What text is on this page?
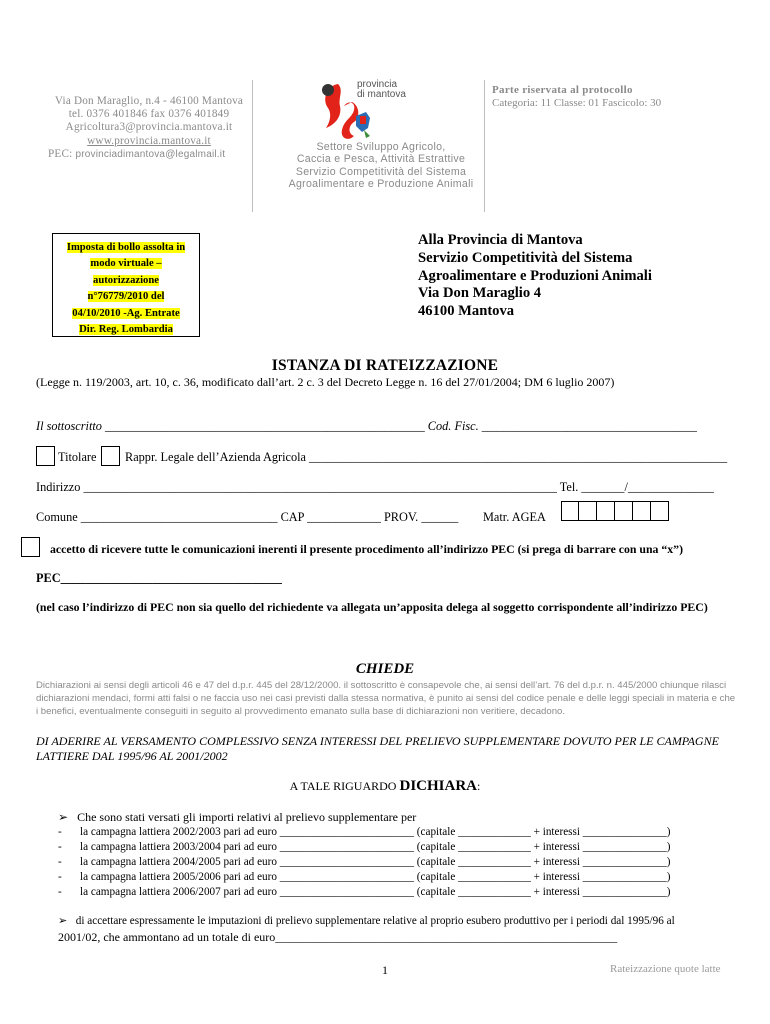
Via Don Maraglio, n.4 - 46100 Mantova
tel. 0376 401846 fax 0376 401849
Agricoltura3@provincia.mantova.it
www.provincia.mantova.it
PEC: provinciadimantova@legalmail.it
provincia
di mantova
Settore Sviluppo Agricolo,
Caccia e Pesca, Attività Estrattive
Servizio Competitività del Sistema
Agroalimentare e Produzione Animali
Parte riservata al protocollo
Categoria: 11 Classe: 01 Fascicolo: 30
Imposta di bollo assolta in
modo virtuale –
autorizzazione
n°76779/2010 del
04/10/2010 -Ag. Entrate
Dir. Reg. Lombardia
Alla Provincia di Mantova
Servizio Competitività del Sistema
Agroalimentare e Produzioni Animali
Via Don Maraglio 4
46100 Mantova
ISTANZA DI RATEIZZAZIONE
(Legge n. 119/2003, art. 10, c. 36, modificato dall’art. 2 c. 3 del Decreto Legge n. 16 del 27/01/2004; DM 6 luglio 2007)
Il sottoscritto ____________________________________________________ Cod. Fisc. ___________________________________
Titolare Rappr. Legale dell’Azienda Agricola ____________________________________________________________________
Indirizzo _____________________________________________________________________________ Tel. _______/______________
Comune ________________________________ CAP ____________ PROV. ______ Matr. AGEA
accetto di ricevere tutte le comunicazioni inerenti il presente procedimento all’indirizzo PEC (si prega di barrare con una “x”)
PEC____________________________________
(nel caso l’indirizzo di PEC non sia quello del richiedente va allegata un’apposita delega al soggetto corrispondente all’indirizzo PEC)
CHIEDE
Dichiarazioni ai sensi degli articoli 46 e 47 del d.p.r. 445 del 28/12/2000. il sottoscritto è consapevole che, ai sensi dell’art. 76 del d.p.r. n. 445/2000 chiunque rilasci dichiarazioni mendaci, formi atti falsi o ne faccia uso nei casi previsti dalla stessa normativa, è punito ai sensi del codice penale e delle leggi speciali in materia e che i benefici, eventualmente conseguiti in seguito al provvedimento emanato sulla base di dichiarazioni non veritiere, decadono.
DI ADERIRE AL VERSAMENTO COMPLESSIVO SENZA INTERESSI DEL PRELIEVO SUPPLEMENTARE DOVUTO PER LE CAMPAGNE LATTIERE DAL 1995/96 AL 2001/2002
A TALE RIGUARDO DICHIARA:
➢ Che sono stati versati gli importi relativi al prelievo supplementare per
- la campagna lattiera 2002/2003 pari ad euro ________________________ (capitale _____________ + interessi _______________)
- la campagna lattiera 2003/2004 pari ad euro ________________________ (capitale _____________ + interessi _______________)
- la campagna lattiera 2004/2005 pari ad euro ________________________ (capitale _____________ + interessi _______________)
- la campagna lattiera 2005/2006 pari ad euro ________________________ (capitale _____________ + interessi _______________)
- la campagna lattiera 2006/2007 pari ad euro ________________________ (capitale _____________ + interessi _______________)
➢ di accettare espressamente le imputazioni di prelievo supplementare relative al proprio esubero produttivo per i periodi dal 1995/96 al
2001/02, che ammontano ad un totale di euro_________________________________________________________
1	Rateizzazione quote latte
